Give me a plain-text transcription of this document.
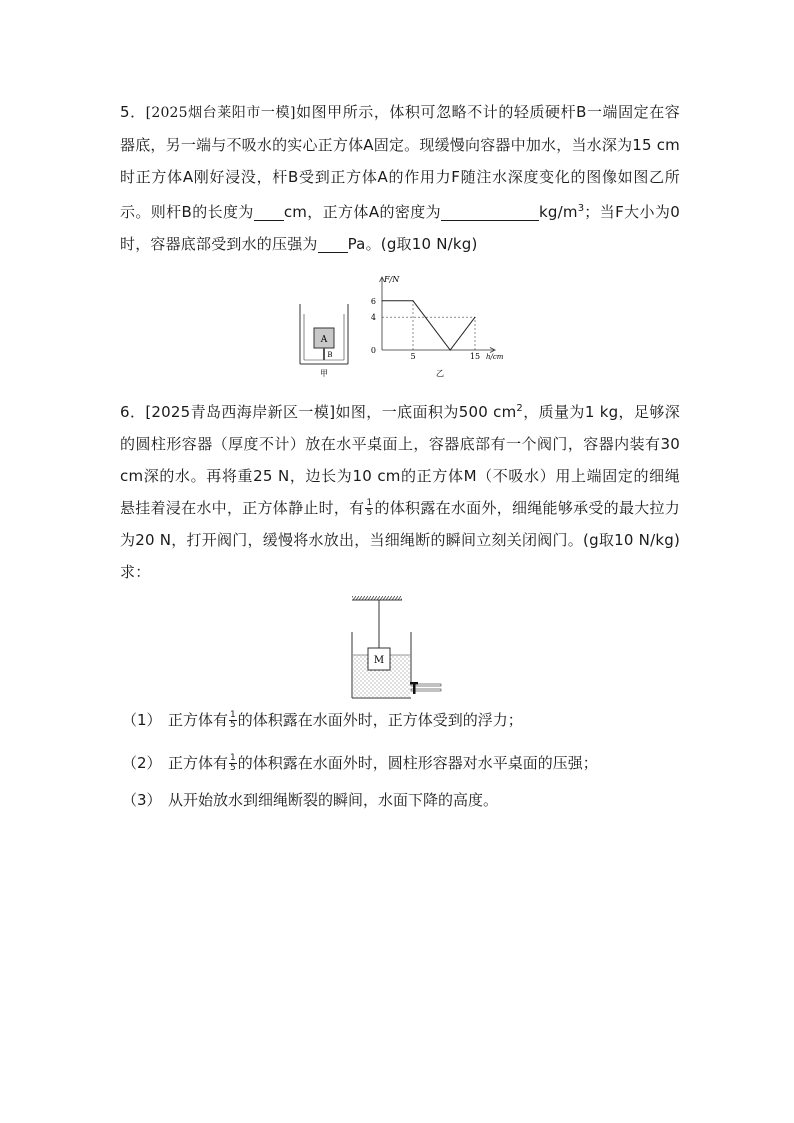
5．[2025烟台莱阳市一模]如图甲所示，体积可忽略不计的轻质硬杆B一端固定在容器底，另一端与不吸水的实心正方体A固定。现缓慢向容器中加水，当水深为15 cm时正方体A刚好浸没，杆B受到正方体A的作用力F随注水深度变化的图像如图乙所示。则杆B的长度为 cm，正方体A的密度为	$kg/m^3$；当F大小为0时，容器底部受到水的压强为 Pa。(g取10 N/kg)
A
B
甲
F/N
h/cm
6
4
0
5	15
乙
6．[2025青岛西海岸新区一模]如图，一底面积为500 $cm^2$，质量为1 kg，足够深的圆柱形容器（厚度不计）放在水平桌面上，容器底部有一个阀门，容器内装有30 cm深的水。再将重25 N，边长为10 cm的正方体M（不吸水）用上端固定的细绳悬挂着浸在水中，正方体静止时，有 $\frac{1}{5}$ 的体积露在水面外，细绳能够承受的最大拉力为20 N，打开阀门，缓慢将水放出，当细绳断的瞬间立刻关闭阀门。(g取10 N/kg)求：
M
（1） 正方体有 $\frac{1}{5}$ 的体积露在水面外时，正方体受到的浮力；
（2） 正方体有 $\frac{1}{5}$ 的体积露在水面外时，圆柱形容器对水平桌面的压强；
（3） 从开始放水到细绳断裂的瞬间，水面下降的高度。
